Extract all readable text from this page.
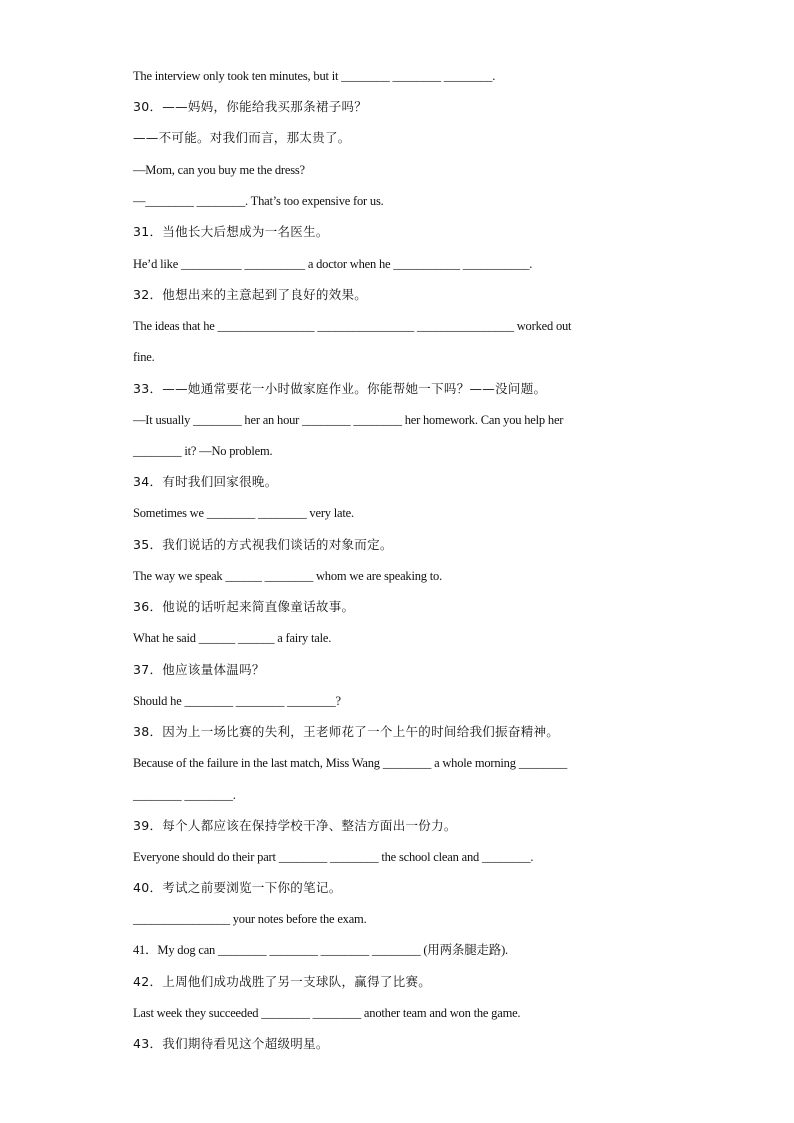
The interview only took ten minutes, but it ________ ________ ________.
30．——妈妈，你能给我买那条裙子吗？
——不可能。对我们而言，那太贵了。
—Mom, can you buy me the dress?
—________ ________. That’s too expensive for us.
31．当他长大后想成为一名医生。
He’d like __________ __________ a doctor when he ___________ ___________.
32．他想出来的主意起到了良好的效果。
The ideas that he ________________ ________________ ________________ worked out
fine.
33．——她通常要花一小时做家庭作业。你能帮她一下吗？——没问题。
—It usually ________ her an hour ________ ________ her homework. Can you help her
________ it? —No problem.
34．有时我们回家很晚。
Sometimes we ________ ________ very late.
35．我们说话的方式视我们谈话的对象而定。
The way we speak ______ ________ whom we are speaking to.
36．他说的话听起来简直像童话故事。
What he said ______ ______ a fairy tale.
37．他应该量体温吗？
Should he ________ ________ ________?
38．因为上一场比赛的失利，王老师花了一个上午的时间给我们振奋精神。
Because of the failure in the last match, Miss Wang ________ a whole morning ________
________ ________.
39．每个人都应该在保持学校干净、整洁方面出一份力。
Everyone should do their part ________ ________ the school clean and ________.
40．考试之前要浏览一下你的笔记。
________________ your notes before the exam.
41．My dog can ________ ________ ________ ________ (用两条腿走路).
42．上周他们成功战胜了另一支球队，赢得了比赛。
Last week they succeeded ________ ________ another team and won the game.
43．我们期待看见这个超级明星。
